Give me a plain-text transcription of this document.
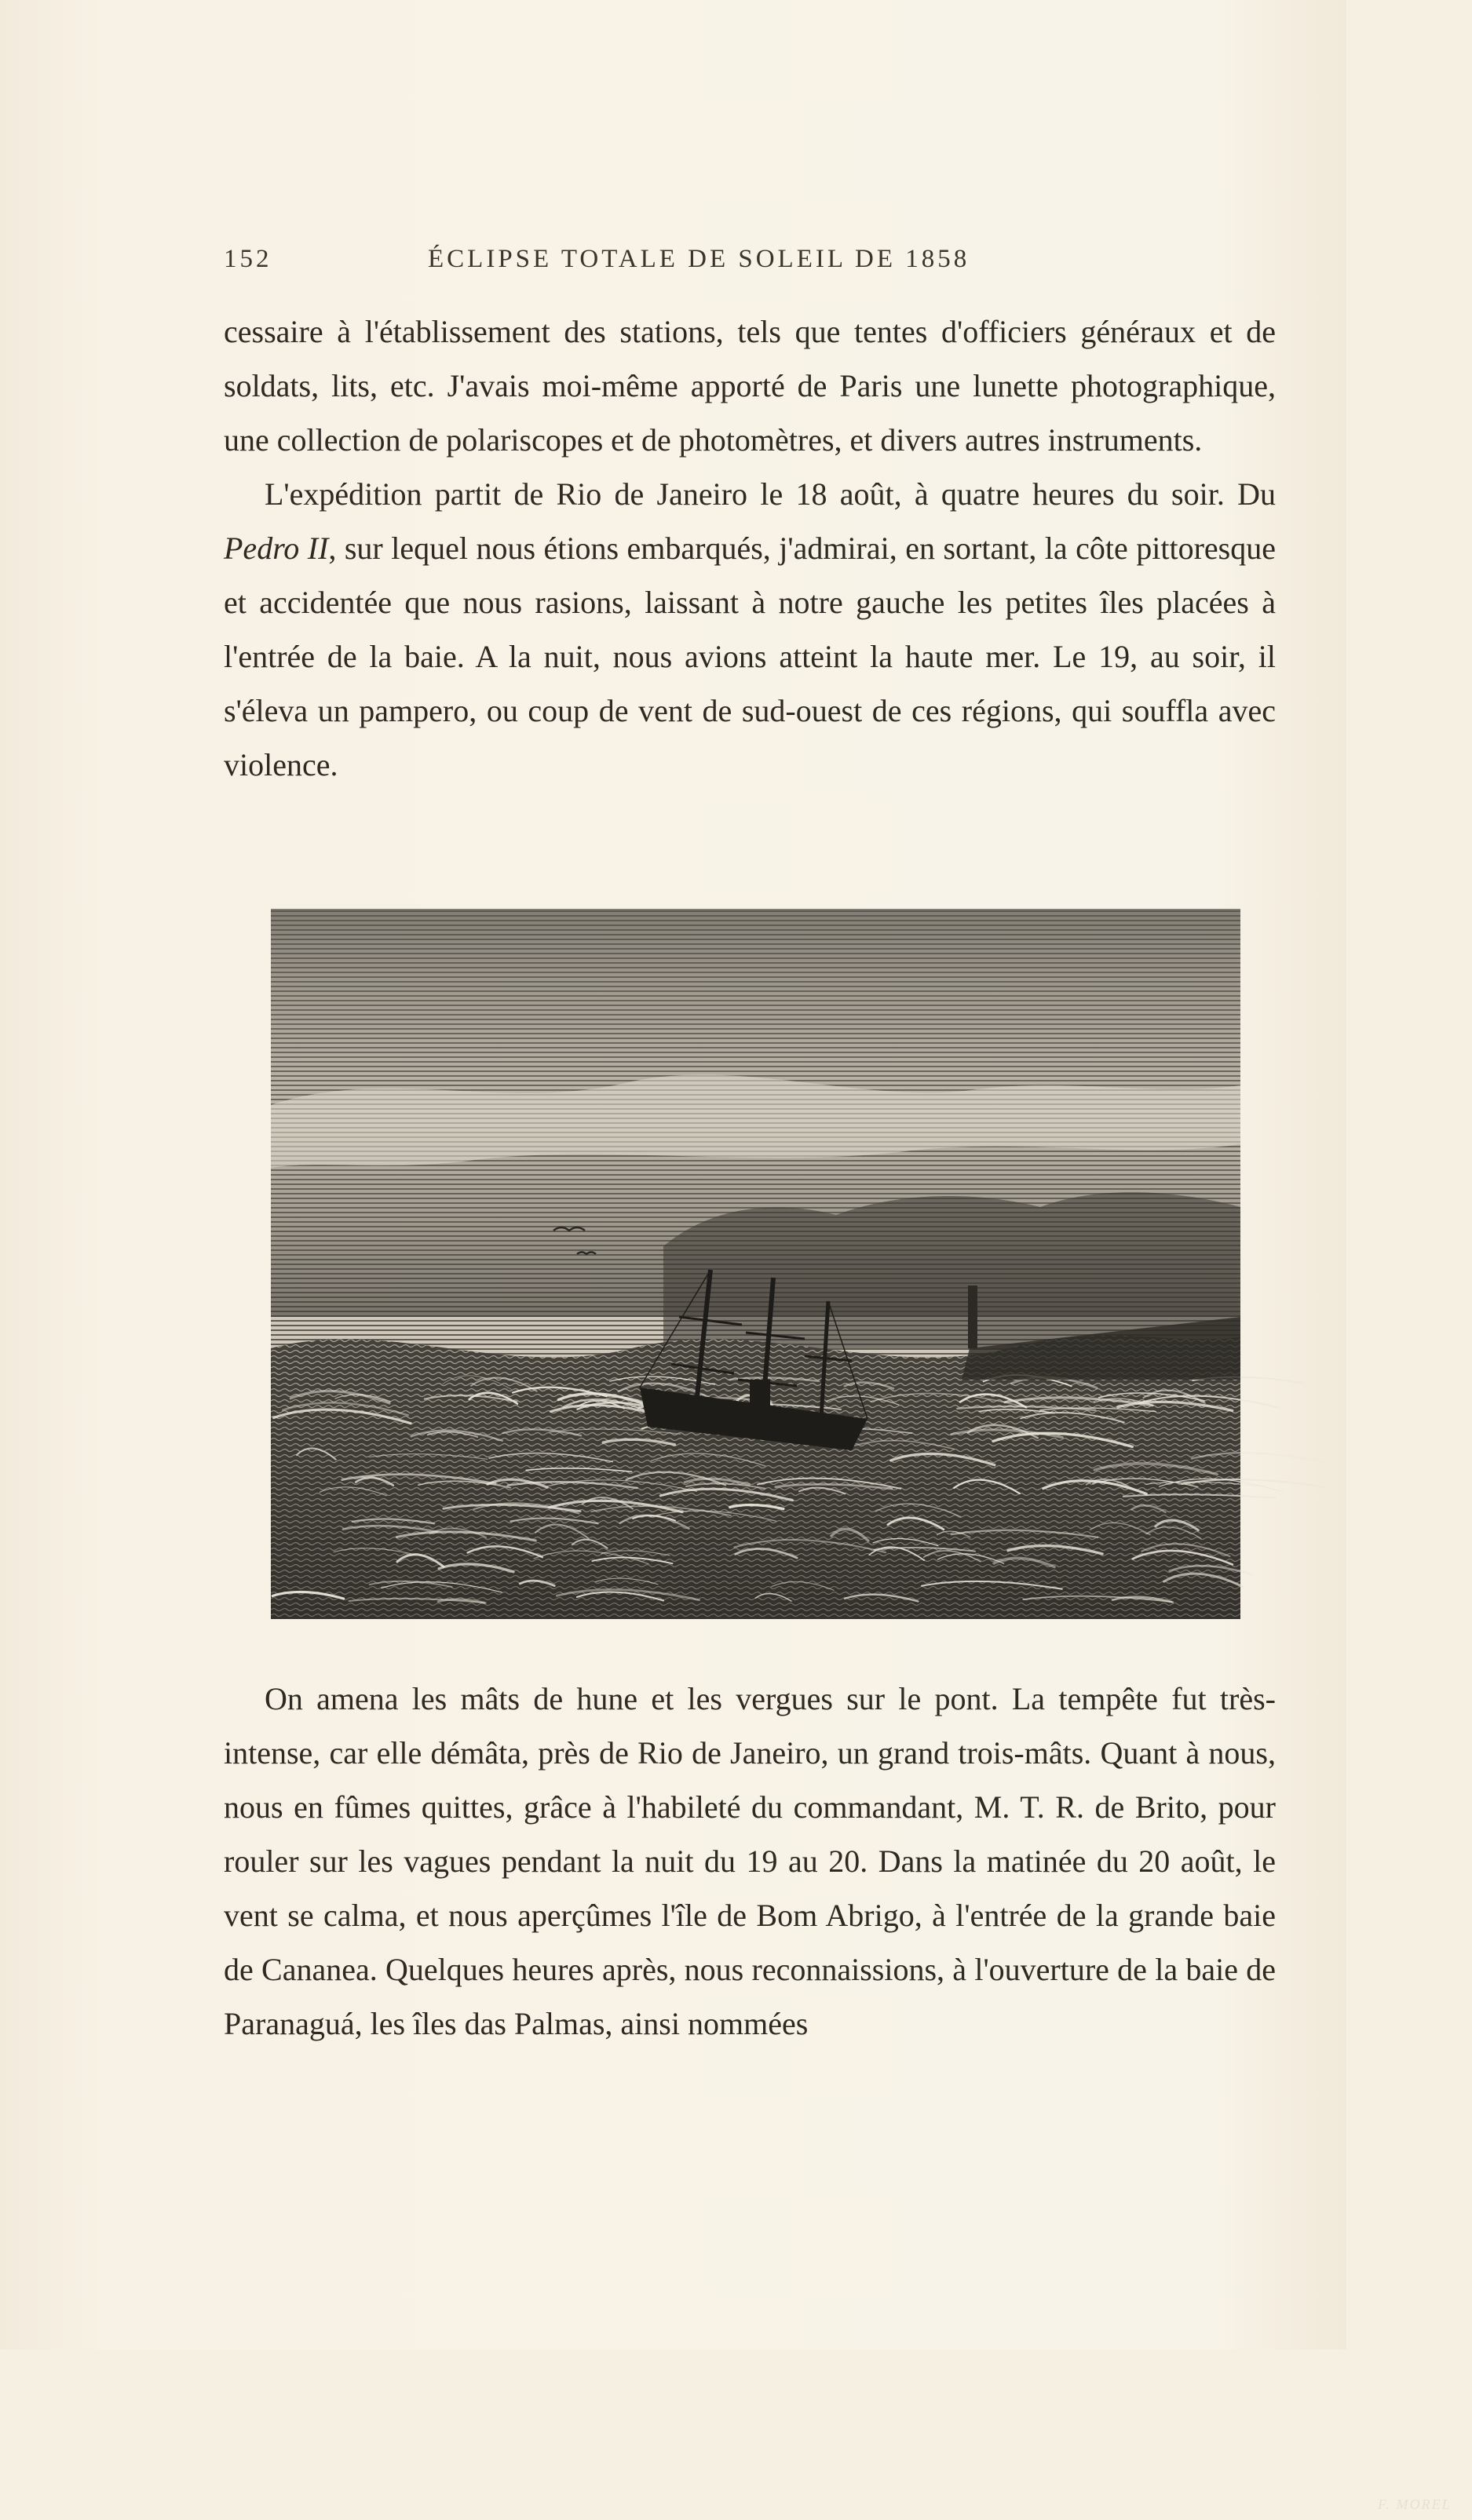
152	ÉCLIPSE TOTALE DE SOLEIL DE 1858

cessaire à l'établissement des stations, tels que tentes d'officiers généraux et de soldats, lits, etc. J'avais moi-même apporté de Paris une lunette photographique, une collection de polariscopes et de photomètres, et divers autres instruments.

L'expédition partit de Rio de Janeiro le 18 août, à quatre heures du soir. Du Pedro II, sur lequel nous étions embarqués, j'admirai, en sortant, la côte pittoresque et accidentée que nous rasions, laissant à notre gauche les petites îles placées à l'entrée de la baie. A la nuit, nous avions atteint la haute mer. Le 19, au soir, il s'éleva un pampero, ou coup de vent de sud-ouest de ces régions, qui souffla avec violence.

F. MOREL

On amena les mâts de hune et les vergues sur le pont. La tempête fut très-intense, car elle démâta, près de Rio de Janeiro, un grand trois-mâts. Quant à nous, nous en fûmes quittes, grâce à l'habileté du commandant, M. T. R. de Brito, pour rouler sur les vagues pendant la nuit du 19 au 20. Dans la matinée du 20 août, le vent se calma, et nous aperçûmes l'île de Bom Abrigo, à l'entrée de la grande baie de Cananea. Quelques heures après, nous reconnaissions, à l'ouverture de la baie de Paranaguá, les îles das Palmas, ainsi nommées
